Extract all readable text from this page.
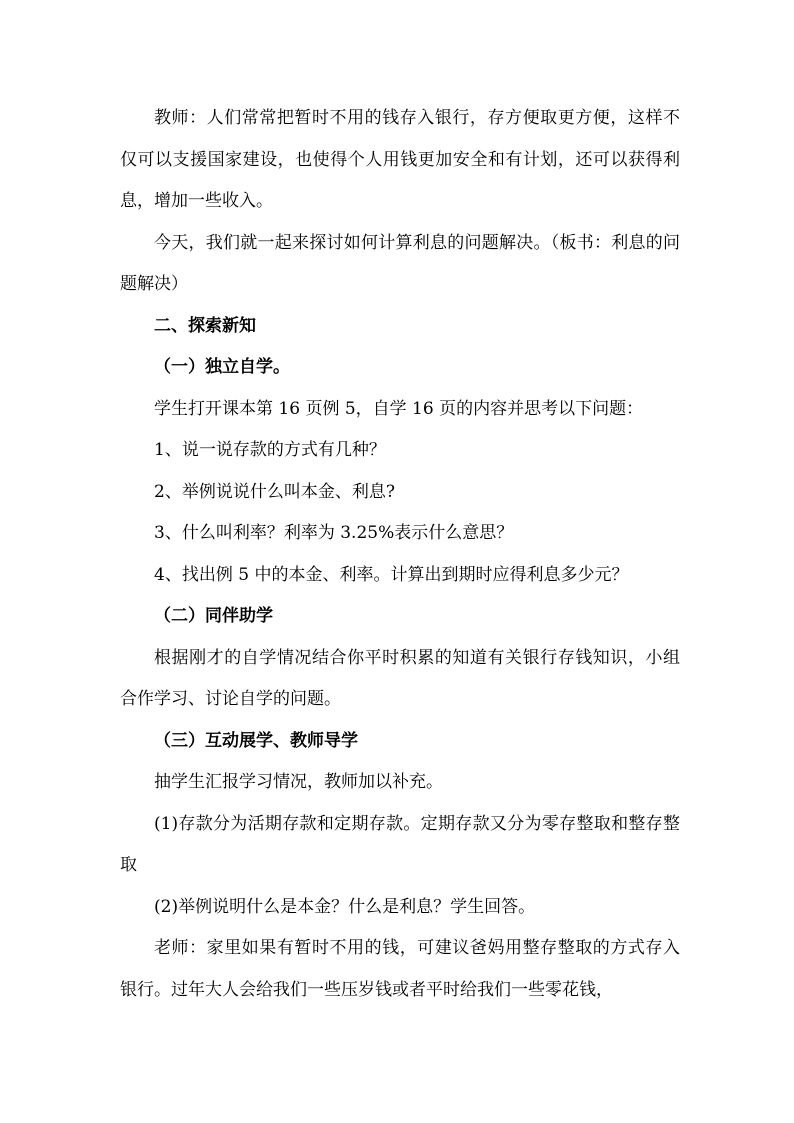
教师：人们常常把暂时不用的钱存入银行，存方便取更方便，这样不仅可以支援国家建设，也使得个人用钱更加安全和有计划，还可以获得利息，增加一些收入。

今天，我们就一起来探讨如何计算利息的问题解决。（板书：利息的问题解决）

二、探索新知

（一）独立自学。

学生打开课本第 16 页例 5，自学 16 页的内容并思考以下问题：

1、说一说存款的方式有几种？

2、举例说说什么叫本金、利息?

3、什么叫利率？利率为 3.25%表示什么意思？

4、找出例 5 中的本金、利率。计算出到期时应得利息多少元？

（二）同伴助学

根据刚才的自学情况结合你平时积累的知道有关银行存钱知识，小组合作学习、讨论自学的问题。

（三）互动展学、教师导学

抽学生汇报学习情况，教师加以补充。

(1)存款分为活期存款和定期存款。定期存款又分为零存整取和整存整取

(2)举例说明什么是本金？什么是利息？学生回答。

老师：家里如果有暂时不用的钱，可建议爸妈用整存整取的方式存入银行。过年大人会给我们一些压岁钱或者平时给我们一些零花钱，
